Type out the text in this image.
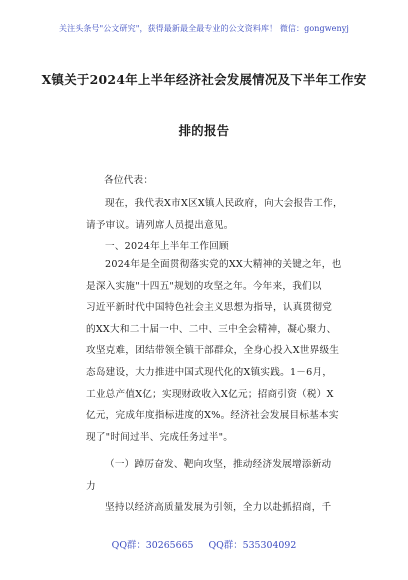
关注头条号"公文研究"，获得最新最全最专业的公文资料库！ 微信：gongwenyj
X镇关于2024年上半年经济社会发展情况及下半年工作安
排的报告
各位代表：
现在，我代表X市X区X镇人民政府，向大会报告工作，
请予审议。请列席人员提出意见。
一、2024年上半年工作回顾
2024年是全面贯彻落实党的XX大精神的关键之年，也
是深入实施"十四五"规划的攻坚之年。今年来，我们以
习近平新时代中国特色社会主义思想为指导，认真贯彻党
的XX大和二十届一中、二中、三中全会精神，凝心聚力、
攻坚克难，团结带领全镇干部群众，全身心投入X世界级生
态岛建设，大力推进中国式现代化的X镇实践。1－6月，
工业总产值X亿；实现财政收入X亿元；招商引资（税）X
亿元，完成年度指标进度的X%。经济社会发展目标基本实
现了"时间过半、完成任务过半"。
（一）踔厉奋发、靶向攻坚，推动经济发展增添新动
力
坚持以经济高质量发展为引领，全力以赴抓招商，千
QQ群：30265665 QQ群：535304092
